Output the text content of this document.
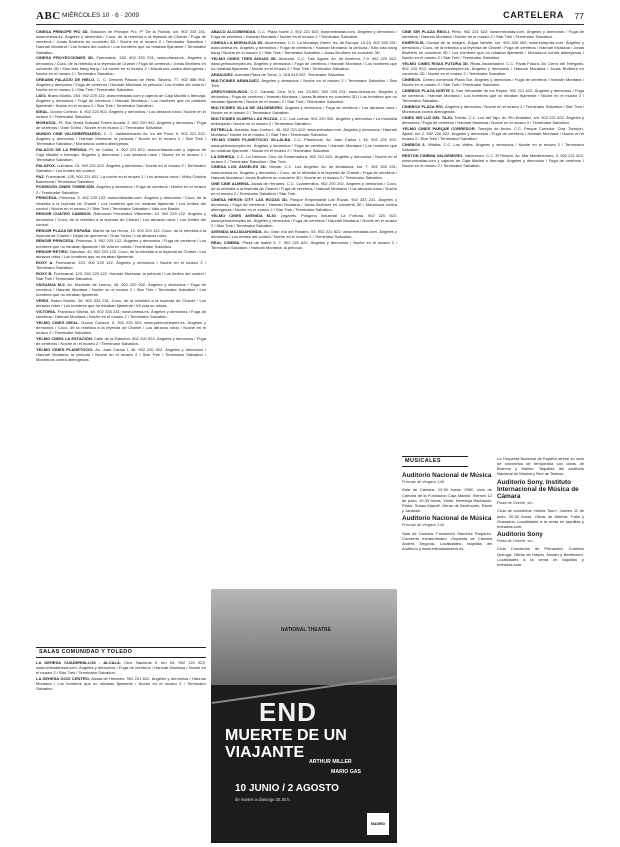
ABC MIÉRCOLES 10 · 6 · 2009	CARTELERA 77

CINESA PRÍNCIPE PÍO 3D. Estación de Príncipe Pío. P° De la Florida, s/n. 902 333 231; www.cinesa.es. Ángeles y demonios / Coco, de la rebeldía a la leyenda de Chanel / Fuga de cerebros / Jonas Brothers en concierto 3D / Noche en el museo 2 / Terminator Salvation / Hannah Montana / Los límites del control / Los hombres que no miraban fijamente / Terminator Salvation.

CINESA PROYECCIONES 3D. Fuencarral, 136. 902 333 231; www.cinesa.es. Ángeles y demonios / Coco, de la rebeldía a la leyenda de Chanel / Fuga de cerebros / Jonas Brothers en concierto 3D / Kiss kiss bang bang / La noche en el museo 2 / Monstruos contra alienígenas / Noche en el museo 2 / Terminator Salvation.

DREAMS PALACIO DE HIELO. C. C. Dreams Palacio de Hielo. Silvano, 77. 902 888 902. Ángeles y demonios / Fuga de cerebros / Hannah Montana: la película / Los límites del control / Noche en el museo 2 / Star Trek / Terminator Salvation.

LIDO. Bravo Murillo, 264. 902 229 122; www.entradas.com y cajeros de Caja Madrid o Ibercaja. Ángeles y demonios / Fuga de cerebros / Hannah Montana / Los hombres que no miraban fijamente / Noche en el museo 2 / Star Trek / Terminator Salvation.

IDEAL. Doctor Cortezo, 6. 902 220 902. Ángeles y demonios / Los abrazos rotos / Noche en el museo 2 / Terminator Salvation.

MORASOL. Pl. Sta. María Soledad Torres Acosta, 2. 902 220 902. Ángeles y demonios / Fuga de cerebros / Gran Torino / Noche en el museo 2 / Terminator Salvation.

MUNDO CINE VALDEBERNARDO. C. C. Valdebernardo Av. Ira del Pozo, 6. 902 221 622. Ángeles y demonios / Hannah Montana: la película / Noche en el museo 2 / Star Trek / Terminator Salvation / Monstruos contra alienígenas.

PALACIO DE LA PRENSA. Pl. de Callao, 4. 902 221 622; www.entradas.com y cajeros de Caja Madrid o Ibercaja. Ángeles y demonios / Los abrazos rotos / Noche en el museo 2 / Terminator Salvation.

PALAFOX. Luchana, 15. 902 221 622. Ángeles y demonios / Noche en el museo 2 / Terminator Salvation / Los límites del control.

PAZ. Fuencarral, 125. 902 221 622. La noche en el museo 2 / Los abrazos rotos / Vicky Cristina Barcelona / Terminator Salvation.

POSEIDÓN CINES TORREJÓN. Ángeles y demonios / Fuga de cerebros / Noche en el museo 2 / Terminator Salvation.

PRINCESA. Princesa, 3. 902 229 122; www.entradas.com. Ángeles y demonios / Coco, de la rebeldía a la leyenda de Chanel / Los hombres que no miraban fijamente / Los límites del control / Noche en el museo 2 / Star Trek / Terminator Salvation / Vals con Bashir.

RENOIR CUATRO CAMINOS. Raimundo Fernández Villaverde, 10. 902 229 122. Ángeles y demonios / Coco, de la rebeldía a la leyenda de Chanel / Los abrazos rotos / Los límites del control.

RENOIR PLAZA DE ESPAÑA. Martín de los Heros, 12. 902 229 122. Coco, de la rebeldía a la leyenda de Chanel / Dejad de quererme / Gran Torino / Los abrazos rotos.

RENOIR PRINCESA. Princesa, 3. 902 229 122. Ángeles y demonios / Fuga de cerebros / Los hombres que no miraban fijamente / Mi vida en ruinas / Terminator Salvation.

RENOIR RETIRO. Narváez, 42. 902 229 122. Coco, de la rebeldía a la leyenda de Chanel / Los abrazos rotos / Los hombres que no miraban fijamente.

ROXY A. Fuencarral, 123. 902 229 122. Ángeles y demonios / Noche en el museo 2 / Terminator Salvation.

ROXY B. Fuencarral, 123. 902 229 122. Hannah Montana: la película / Los límites del control / Star Trek / Terminator Salvation.

VAGUADA M-2. Av. Monforte de Lemos, 36. 902 220 902. Ángeles y demonios / Fuga de cerebros / Hannah Montana / Noche en el museo 2 / Star Trek / Terminator Salvation / Los hombres que no miraban fijamente.

VERDI. Bravo Murillo, 28. 902 333 231. Coco, de la rebeldía a la leyenda de Chanel / Los abrazos rotos / Los hombres que no miraban fijamente / Mi vida en ruinas.

VICTORIA. Francisco Silvela, 48. 902 333 231; www.cinesa.es. Ángeles y demonios / Fuga de cerebros / Hannah Montana / Noche en el museo 2 / Terminator Salvation.

YELMO CINES IDEAL. Doctor Cortezo, 6. 902 220 922; www.yelmocineplex.es. Ángeles y demonios / Coco, de la rebeldía a la leyenda de Chanel / Los abrazos rotos / Noche en el museo 2 / Terminator Salvation.

YELMO CINES LA ESTACIÓN. Calle de la Estación. 902 220 922. Ángeles y demonios / Fuga de cerebros / Noche en el museo 2 / Terminator Salvation.

YELMO CINES PLANETOCIO. Av. Juan Carlos I, 46. 902 220 922. Ángeles y demonios / Hannah Montana: la película / Noche en el museo 2 / Star Trek / Terminator Salvation / Monstruos contra alienígenas.

SALAS COMUNIDAD Y TOLEDO

LA DEHESA CUADERNILLOS - ALCALÁ. Ctra. Nacional II, km 34. 902 221 622; www.cinesdehesa.com. Ángeles y demonios / Fuga de cerebros / Hannah Montana / Noche en el museo 2 / Star Trek / Terminator Salvation.

LA DEHESA OCIO CENTRO. Alcalá de Henares. 902 221 622. Ángeles y demonios / Hannah Montana / Los hombres que no miraban fijamente / Noche en el museo 2 / Terminator Salvation.

ABACO ALCOBENDAS. C.C. Plaza Norte 2. 902 221 622; www.entradas.com. Ángeles y demonios / Fuga de cerebros / Hannah Montana / Noche en el museo 2 / Terminator Salvation.

CINESA LA MORALEJA 3D. Alcobendas. C.C. La Moraleja Green. Av. de Europa, 13-15. 902 333 231; www.cinesa.es. Ángeles y demonios / Fuga de cerebros / Hannah Montana: la película / Kiss kiss bang bang / Noche en el museo 2 / Star Trek / Terminator Salvation / Jonas Brothers en concierto 3D.

YELMO CINES TRES AGUAS 3D. Alcorcón. C.C. Tres Aguas. Av. de América, 7-9. 902 220 922; www.yelmocineplex.es. Ángeles y demonios / Fuga de cerebros / Hannah Montana / Los hombres que no miraban fijamente / Noche en el museo 2 / Star Trek / Terminator Salvation.

ARANJUEZ. Avenida Plaza de Toros, 1. 918 919 002. Terminator Salvation.

MULTICINES ARANJUEZ. Ángeles y demonios / Noche en el museo 2 / Terminator Salvation / Star Trek.

ARROYOMOLINOS. C.C. Xanadú. Ctra. N-V, km. 23,500. 902 333 231; www.cinesa.es. Ángeles y demonios / Fuga de cerebros / Hannah Montana / Jonas Brothers en concierto 3D / Los hombres que no miraban fijamente / Noche en el museo 2 / Star Trek / Terminator Salvation.

MULTICINES VILLA DE VALDEMORO. Ángeles y demonios / Fuga de cerebros / Los abrazos rotos / Noche en el museo 2 / Terminator Salvation.

MULTICINES OLIMPIA LAS ROZAS. C.C. Las Lomas. 902 220 902. Ángeles y demonios / La montaña embrujada / Noche en el museo 2 / Terminator Salvation.

ESTRELLA. Avenida Juan Carlos I, 46. 902 221 622; www.entradas.com. Ángeles y demonios / Hannah Montana / Noche en el museo 2 / Star Trek / Terminator Salvation.

YELMO CINES PLANETOCIO VILLALBA. C.C. Planetocio. Av. Juan Carlos I, 46. 902 220 922; www.yelmocineplex.es. Ángeles y demonios / Fuga de cerebros / Hannah Montana / Los hombres que no miraban fijamente / Noche en el museo 2 / Terminator Salvation.

LA DEHESA. C.C. La Dehesa. Ctra. de Extremadura. 902 221 622. Ángeles y demonios / Noche en el museo 2 / Terminator Salvation / Star Trek.

CINESA LOS ÁNGELES 3D. Getafe. C.C. Los Ángeles. Av. de Andalucía, km. 7. 902 333 231; www.cinesa.es. Ángeles y demonios / Coco, de la rebeldía a la leyenda de Chanel / Fuga de cerebros / Hannah Montana / Jonas Brothers en concierto 3D / Noche en el museo 2 / Terminator Salvation.

ONE CINE ALMENA. Alcalá de Henares. C.C. Cuadernillos. 902 200 202. Ángeles y demonios / Coco, de la rebeldía a la leyenda de Chanel / Fuga de cerebros / Hannah Montana / Los abrazos rotos / Noche en el museo 2 / Terminator Salvation / Star Trek.

CINESA HERON CITY LAS ROZAS 3D. Parque Empresarial Las Rozas. 902 333 231. Ángeles y demonios / Fuga de cerebros / Hannah Montana / Jonas Brothers en concierto 3D / Monstruos contra alienígenas / Noche en el museo 2 / Star Trek / Terminator Salvation.

YELMO CINES AVENIDA M-40. Leganés. Polígono Industrial La Fortuna. 902 220 922; www.yelmocineplex.es. Ángeles y demonios / Fuga de cerebros / Hannah Montana / Noche en el museo 2 / Star Trek / Terminator Salvation.

AVENIDA MAJADAHONDA. Av. Gran Vía del Rosario, 53. 902 221 622; www.entradas.com. Ángeles y demonios / Los límites del control / Noche en el museo 2 / Terminator Salvation.

REAL CINEMA. Plaza de Isabel II, 7. 902 221 622. Ángeles y demonios / Noche en el museo 2 / Terminator Salvation / Hannah Montana: la película.

CINE SIR PLAZA ÉBOLI. Pinto. 902 221 622; www.entradas.com. Ángeles y demonios / Fuga de cerebros / Hannah Montana / Noche en el museo 2 / Star Trek / Terminator Salvation.

KINEPOLIS. Ciudad de la Imagen. Edgar Neville, s/n. 902 300 062; www.kinepolis.com. Ángeles y demonios / Coco, de la rebeldía a la leyenda de Chanel / Fuga de cerebros / Hannah Montana / Jonas Brothers en concierto 3D / Los hombres que no miraban fijamente / Monstruos contra alienígenas / Noche en el museo 2 / Star Trek / Terminator Salvation.

YELMO CINES RIVAS FUTURA 3D. Rivas-Vaciamadrid. C.C. Rivas Futura. Av. Cerro del Telégrafo. 902 220 922; www.yelmocineplex.es. Ángeles y demonios / Hannah Montana / Jonas Brothers en concierto 3D / Noche en el museo 2 / Terminator Salvation.

CINEBOX. Centro comercial Plaza Sur. Ángeles y demonios / Fuga de cerebros / Hannah Montana / Noche en el museo 2 / Star Trek / Terminator Salvation.

CINEBOX PLAZA NORTE 2. San Sebastián de los Reyes. 902 221 622. Ángeles y demonios / Fuga de cerebros / Hannah Montana / Los hombres que no miraban fijamente / Noche en el museo 2 / Terminator Salvation.

CINEBOX PLAZA RÍO. Ángeles y demonios / Noche en el museo 2 / Terminator Salvation / Star Trek / Monstruos contra alienígenas.

CINES SIR LUZ DEL TAJO. Toledo. C.C. Luz del Tajo. Av. Río Boladiez, s/n. 902 221 622. Ángeles y demonios / Fuga de cerebros / Hannah Montana / Noche en el museo 2 / Terminator Salvation.

YELMO CINES PARQUE CORREDOR. Torrejón de Ardoz. C.C. Parque Corredor. Ctra. Torrejón-Ajalvir, km 2. 902 220 922. Ángeles y demonios / Fuga de cerebros / Hannah Montana / Noche en el museo 2 / Star Trek / Terminator Salvation.

CINEBOX 3. Villalba. C.C. Los Valles. Ángeles y demonios / Noche en el museo 2 / Terminator Salvation.

RESTON CINEMA VALDEMORO. Valdemoro. C.C. El Restón. Av. Mar Mediterráneo, 3. 902 221 622; www.entradas.com y cajeros de Caja Madrid o Ibercaja. Ángeles y demonios / Fuga de cerebros / Noche en el museo 2 / Terminator Salvation.

MUSICALES
Auditorio Nacional de Música
Príncipe de Vergara, 146.

Sala de Cámara. 19.30 horas. ONE, ciclo de Cámara de la Fundación Caja Madrid. Viernes 12 de junio, 19.30 horas. Violín: Nemanja Radulovic. Piano: Susan Manoff. Obras de Beethoven, Ravel y Janácek.

Auditorio Nacional de Música
Príncipe de Vergara, 146.

Sala de Cámara. Fundación Sánchez Ruipérez. Concierto extraordinario. Orquesta de Cámara Andrés Segovia. Localidades: taquillas del Auditorio y www.entradasinaem.es.

La Orquesta Nacional de España ofrece su ciclo de conciertos de temporada con obras de Brahms y Mahler. Taquillas del Auditorio Nacional de Música y Red de Teatros.

Auditorio Sony. Instituto Internacional de Música de Cámara
Plaza de Oriente, s/n.

Ciclo de conciertos «Iberia Tour». Jueves 11 de junio, 20.30 horas. Obras de Albéniz, Falla y Granados. Localidades a la venta en taquillas y entradas.com.

Auditorio Sony
Plaza de Oriente, s/n.

Ciclo Conciertos de Primavera. Cuarteto Quiroga. Obras de Haydn, Mozart y Beethoven. Localidades a la venta en taquillas y entradas.com.

NATIONAL THEATRE
END
MUERTE DE UN VIAJANTE
ARTHUR MILLER
MARIO GAS
10 JUNIO / 2 AGOSTO
de martes a domingo 20.30 h.
MADRID
